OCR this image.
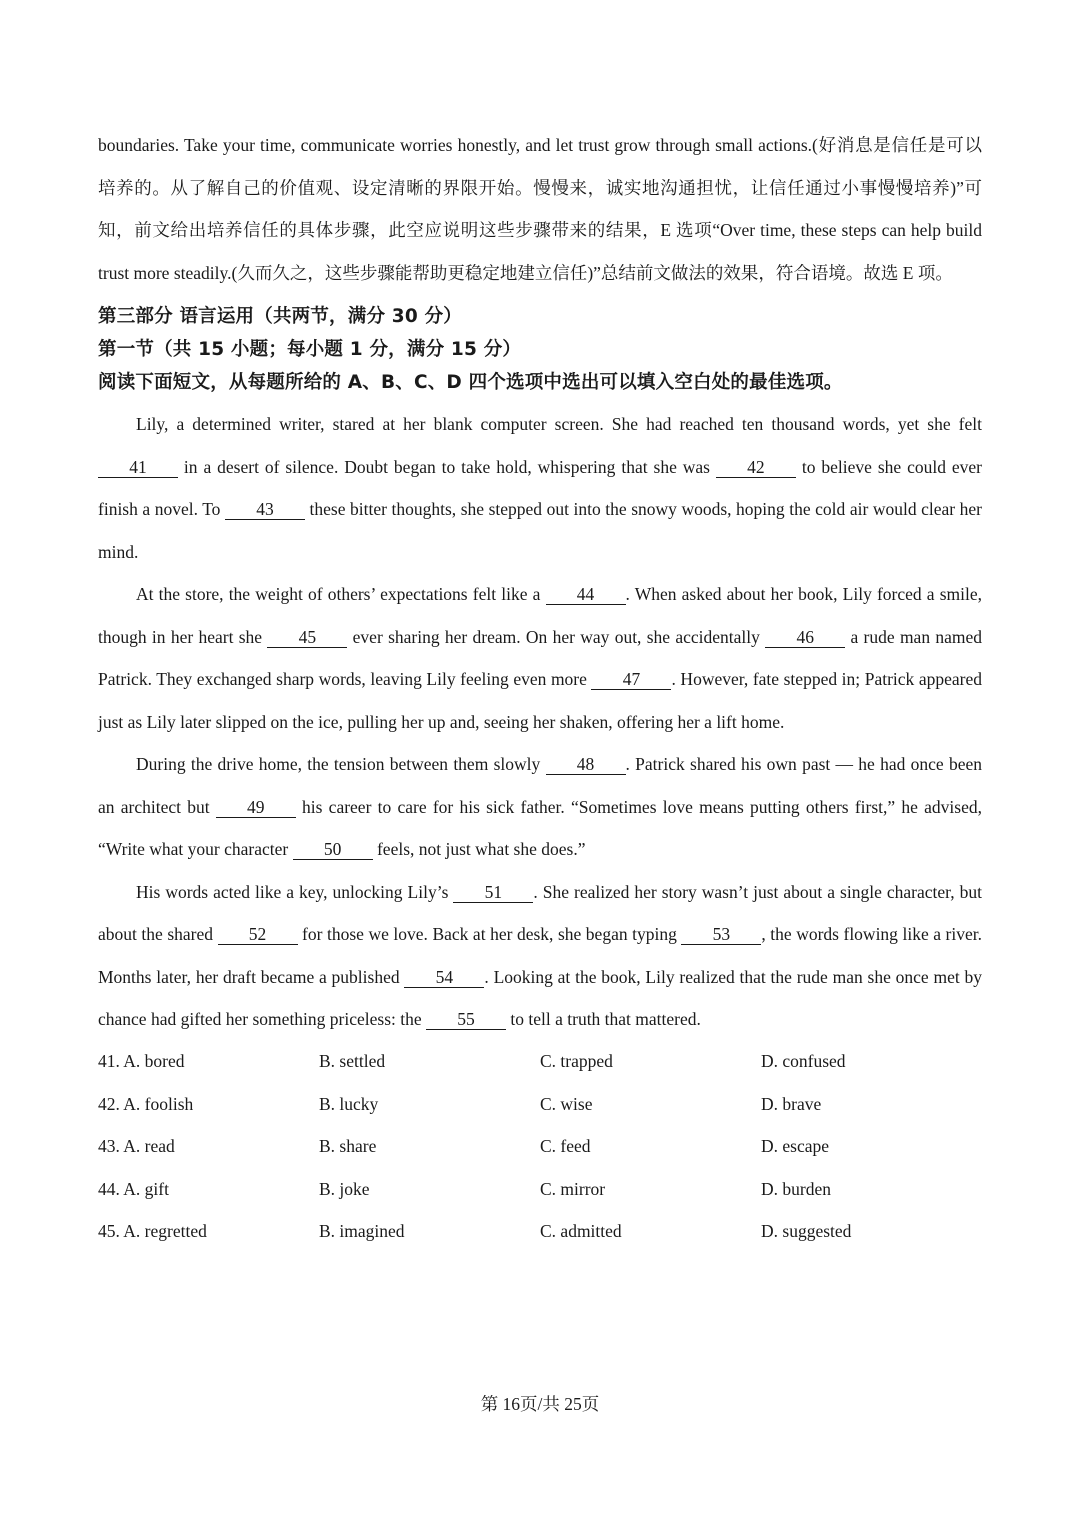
boundaries. Take your time, communicate worries honestly, and let trust grow through small actions.(好消息是信任是可以培养的。从了解自己的价值观、设定清晰的界限开始。慢慢来，诚实地沟通担忧，让信任通过小事慢慢培养)”可知，前文给出培养信任的具体步骤，此空应说明这些步骤带来的结果，E 选项“Over time, these steps can help build trust more steadily.(久而久之，这些步骤能帮助更稳定地建立信任)”总结前文做法的效果，符合语境。故选 E 项。

第三部分 语言运用（共两节，满分 30 分）

第一节（共 15 小题；每小题 1 分，满分 15 分）

阅读下面短文，从每题所给的 A、B、C、D 四个选项中选出可以填入空白处的最佳选项。

Lily, a determined writer, stared at her blank computer screen. She had reached ten thousand words, yet she felt 41 in a desert of silence. Doubt began to take hold, whispering that she was 42 to believe she could ever finish a novel. To 43 these bitter thoughts, she stepped out into the snowy woods, hoping the cold air would clear her mind.

At the store, the weight of others’ expectations felt like a 44 . When asked about her book, Lily forced a smile, though in her heart she 45 ever sharing her dream. On her way out, she accidentally 46 a rude man named Patrick. They exchanged sharp words, leaving Lily feeling even more 47 . However, fate stepped in; Patrick appeared just as Lily later slipped on the ice, pulling her up and, seeing her shaken, offering her a lift home.

During the drive home, the tension between them slowly 48 . Patrick shared his own past — he had once been an architect but 49 his career to care for his sick father. “Sometimes love means putting others first,” he advised, “Write what your character 50 feels, not just what she does.”

His words acted like a key, unlocking Lily’s 51 . She realized her story wasn’t just about a single character, but about the shared 52 for those we love. Back at her desk, she began typing 53 , the words flowing like a river. Months later, her draft became a published 54 . Looking at the book, Lily realized that the rude man she once met by chance had gifted her something priceless: the 55 to tell a truth that mattered.

41. A. bored	B. settled	C. trapped	D. confused
42. A. foolish	B. lucky	C. wise	D. brave
43. A. read	B. share	C. feed	D. escape
44. A. gift	B. joke	C. mirror	D. burden
45. A. regretted	B. imagined	C. admitted	D. suggested
第 16页/共 25页
